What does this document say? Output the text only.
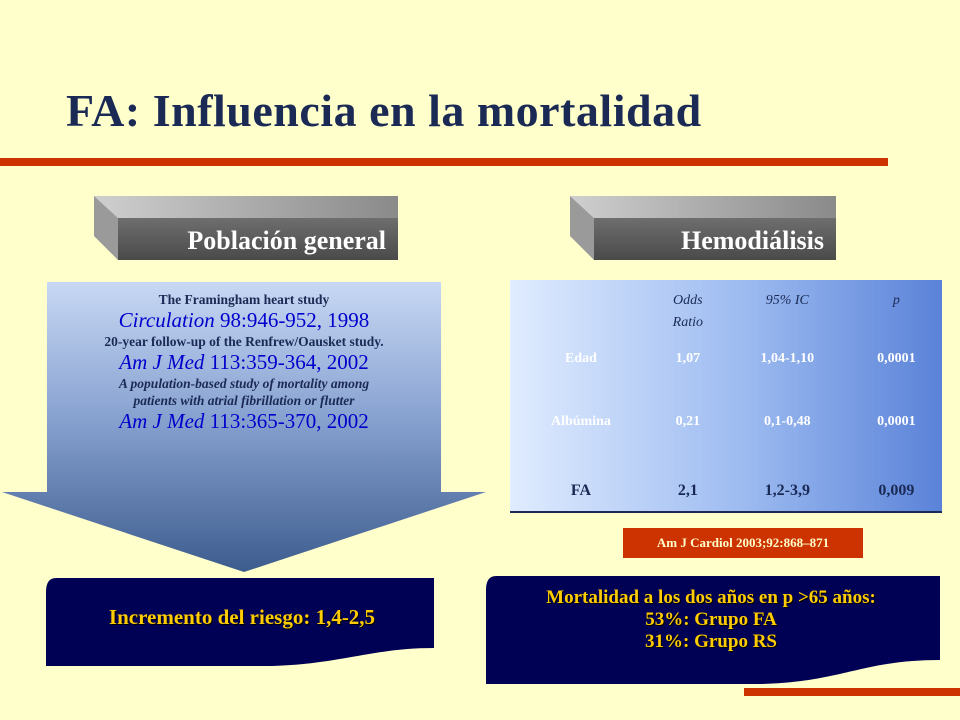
FA: Influencia en la mortalidad
Población general	Hemodiálisis
The Framingham heart study
Circulation 98:946-952, 1998
20-year follow-up of the Renfrew/Oausket study.
Am J Med 113:359-364, 2002
A population-based study of mortality among
patients with atrial fibrillation or flutter
Am J Med 113:365-370, 2002
Incremento del riesgo: 1,4-2,5
	Odds
Ratio	95% IC	p
Edad	1,07	1,04-1,10	0,0001
Albúmina	0,21	0,1-0,48	0,0001
FA	2,1	1,2-3,9	0,009
Am J Cardiol 2003;92:868–871
Mortalidad a los dos años en p >65 años:
53%: Grupo FA
31%: Grupo RS
